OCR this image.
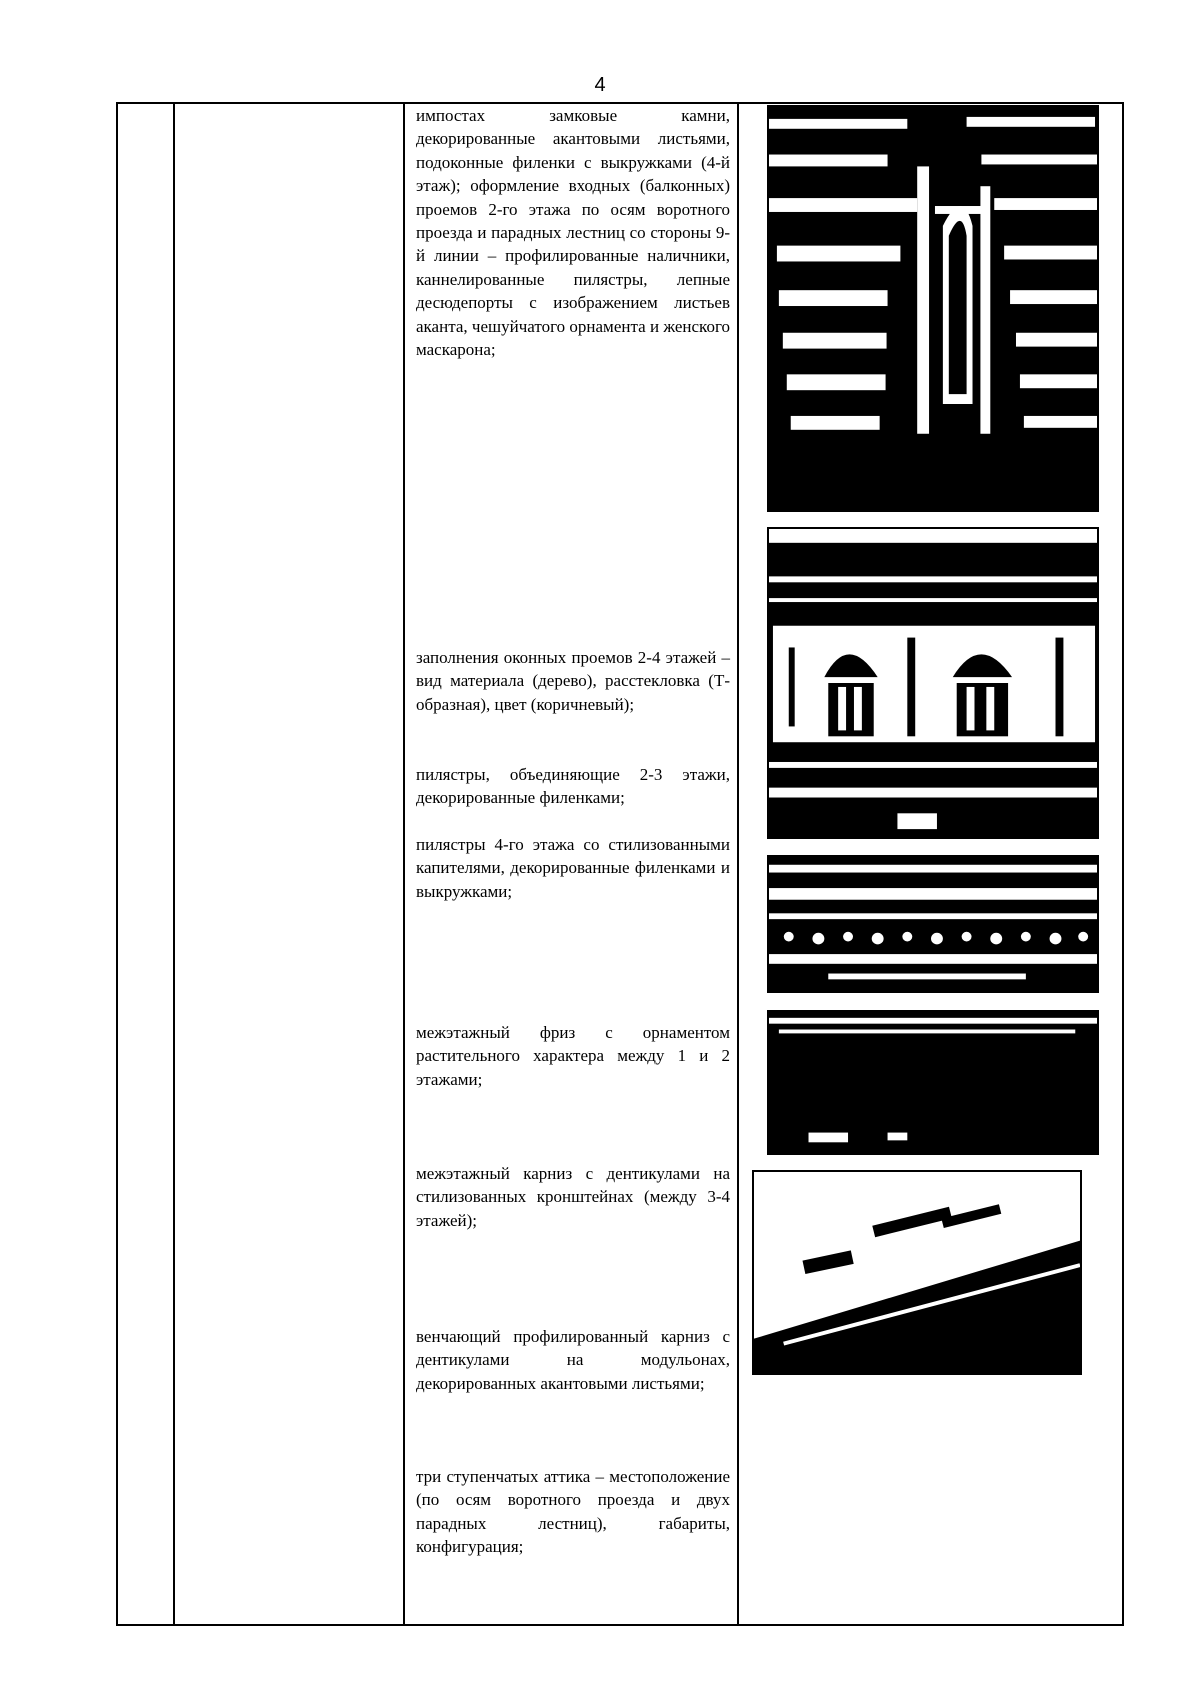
4
импостах замковые камни, декорированные акантовыми листьями, подоконные филенки с выкружками (4-й этаж); оформление входных (балконных) проемов 2-го этажа по осям воротного проезда и парадных лестниц со стороны 9-й линии – профилированные наличники, каннелированные пилястры, лепные десюдепорты с изображением листьев аканта, чешуйчатого орнамента и женского маскарона;
заполнения оконных проемов 2-4 этажей – вид материала (дерево), расстекловка (Т-образная), цвет (коричневый);
пилястры, объединяющие 2-3 этажи, декорированные филенками;
пилястры 4-го этажа со стилизованными капителями, декорированные филенками и выкружками;
межэтажный фриз с орнаментом растительного характера между 1 и 2 этажами;
межэтажный карниз с дентикулами на стилизованных кронштейнах (между 3-4 этажей);
венчающий профилированный карниз с дентикулами на модульонах, декорированных акантовыми листьями;
три ступенчатых аттика – местоположение (по осям воротного проезда и двух парадных лестниц), габариты, конфигурация;
